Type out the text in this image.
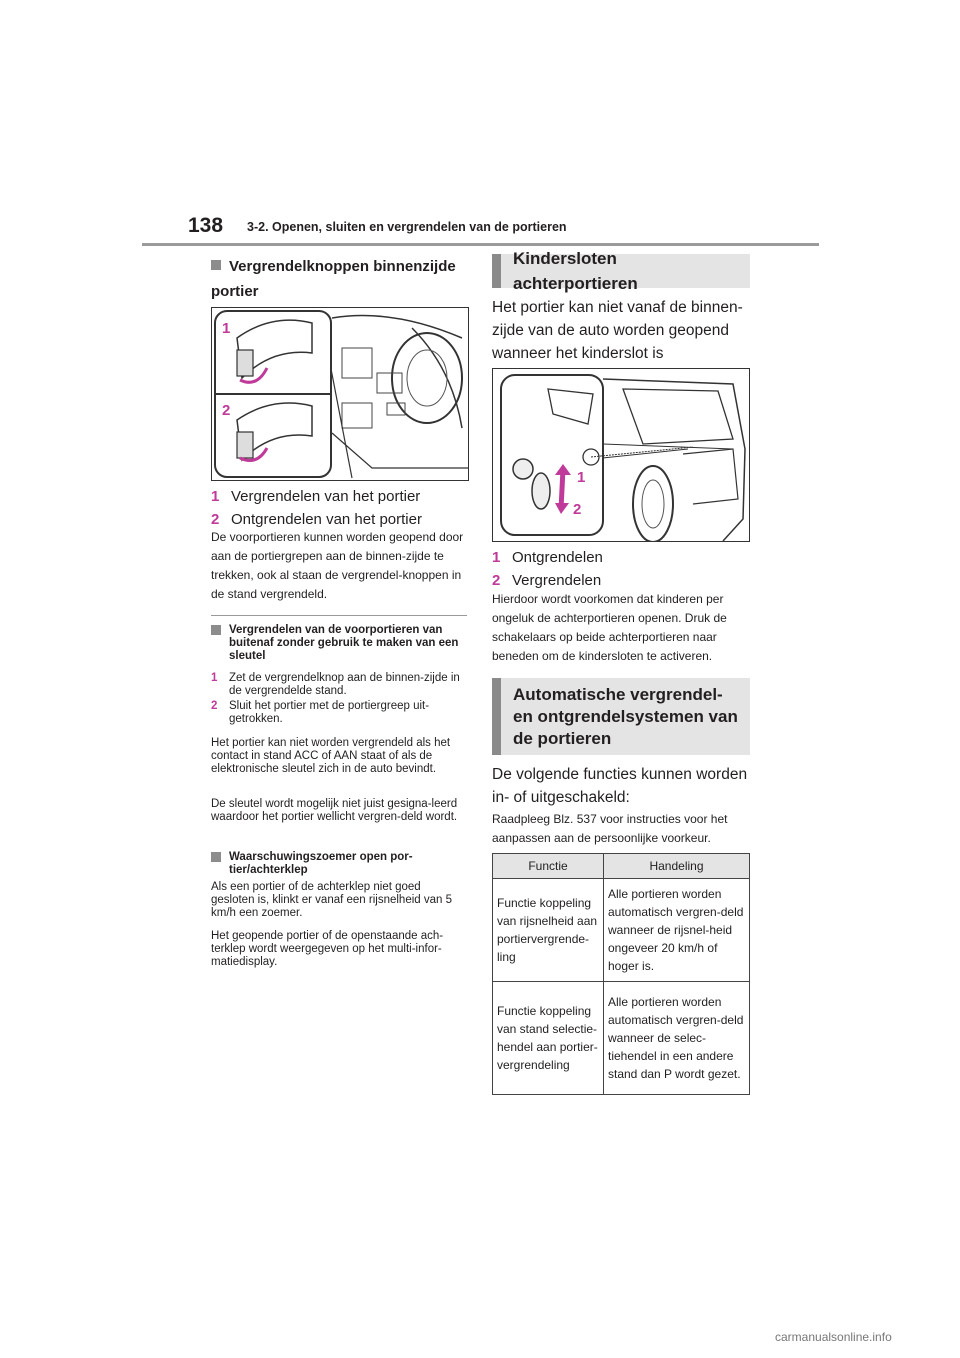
138 3-2. Openen, sluiten en vergrendelen van de portieren
Vergrendelknoppen binnenzijde portier
1
2
1 Vergrendelen van het portier
2 Ontgrendelen van het portier
De voorportieren kunnen worden geopend door aan de portiergrepen aan de binnen-zijde te trekken, ook al staan de vergrendel-knoppen in de stand vergrendeld.
Vergrendelen van de voorportieren van buitenaf zonder gebruik te maken van een sleutel
1	Zet de vergrendelknop aan de binnen-zijde in de vergrendelde stand.
2	Sluit het portier met de portiergreep uit-getrokken.
Het portier kan niet worden vergrendeld als het contact in stand ACC of AAN staat of als de elektronische sleutel zich in de auto bevindt.
De sleutel wordt mogelijk niet juist gesigna-leerd waardoor het portier wellicht vergren-deld wordt.
Waarschuwingszoemer open por-tier/achterklep
Als een portier of de achterklep niet goed gesloten is, klinkt er vanaf een rijsnelheid van 5 km/h een zoemer.
Het geopende portier of de openstaande ach-terklep wordt weergegeven op het multi-infor-matiedisplay.
Kindersloten achterportieren
Het portier kan niet vanaf de binnen-zijde van de auto worden geopend wanneer het kinderslot is
1
2
1 Ontgrendelen
2 Vergrendelen
Hierdoor wordt voorkomen dat kinderen per ongeluk de achterportieren openen. Druk de schakelaars op beide achterportieren naar beneden om de kindersloten te activeren.
Automatische vergrendel- en ontgrendelsystemen van de portieren
De volgende functies kunnen worden in- of uitgeschakeld:
Raadpleeg Blz. 537 voor instructies voor het aanpassen aan de persoonlijke voorkeur.
Functie	Handeling
Functie koppeling van rijsnelheid aan portiervergrende-ling	Alle portieren worden automatisch vergren-deld wanneer de rijsnel-heid ongeveer 20 km/h of hoger is.
Functie koppeling van stand selectie-hendel aan portier-vergrendeling	Alle portieren worden automatisch vergren-deld wanneer de selec-tiehendel in een andere stand dan P wordt gezet.
carmanualsonline.info
